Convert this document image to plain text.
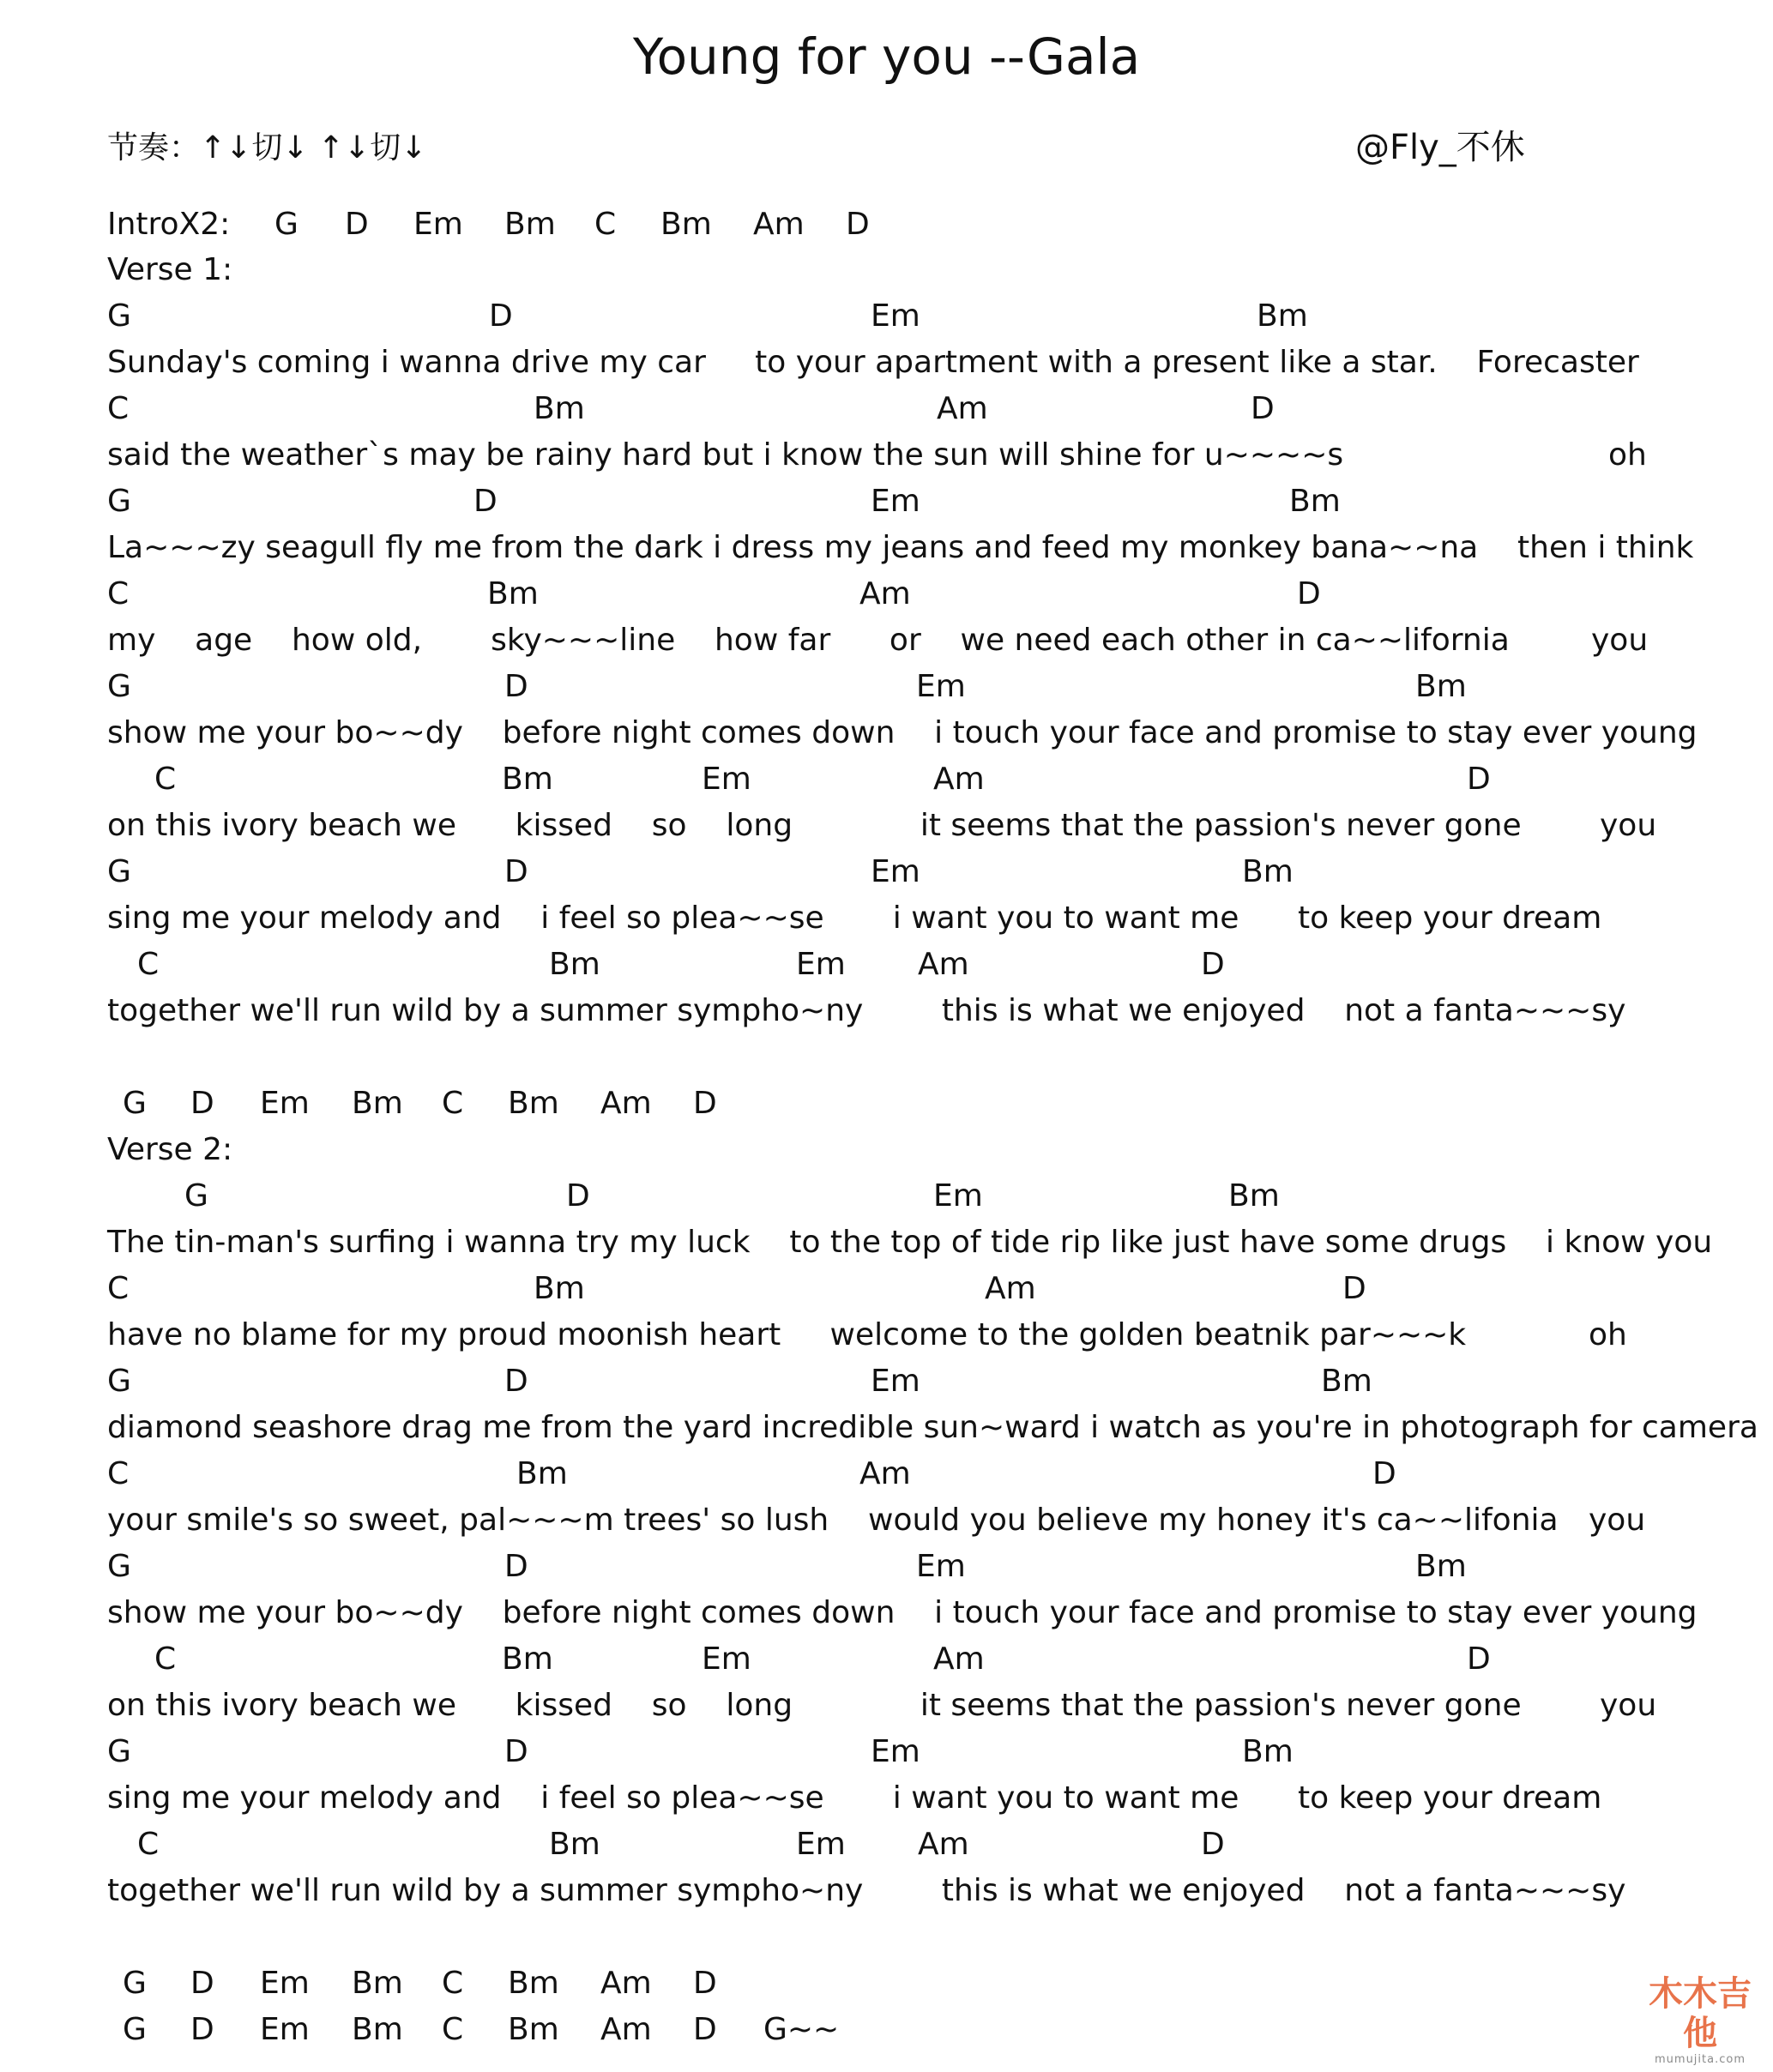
Young for you --Gala
节奏：↑↓切↓ ↑↓切↓	@Fly_不休
IntroX2: G D Em Bm C Bm Am D
Verse 1:
G	D	Em	Bm
Sunday's coming i wanna drive my car     to your apartment with a present like a star.    Forecaster
C	Bm	Am	D
said the weather`s may be rainy hard but i know the sun will shine for u~~~~s	oh
G	D	Em	Bm
La~~~zy seagull fly me from the dark i dress my jeans and feed my monkey bana~~na    then i think
C	Bm	Am	D
my    age    how old,       sky~~~line    how far      or    we need each other in ca~~lifornia	you
G	D	Em	Bm
show me your bo~~dy    before night comes down    i touch your face and promise to stay ever young
C	Bm	Em	Am	D
on this ivory beach we      kissed    so    long             it seems that the passion's never gone	you
G	D	Em	Bm
sing me your melody and    i feel so plea~~se       i want you to want me      to keep your dream
C	Bm	Em Am	D
together we'll run wild by a summer sympho~ny        this is what we enjoyed    not a fanta~~~sy
G D Em Bm C Bm Am D
Verse 2:
G	D	Em	Bm
The tin-man's surfing i wanna try my luck    to the top of tide rip like just have some drugs    i know you
C	Bm	Am	D
have no blame for my proud moonish heart     welcome to the golden beatnik par~~~k	oh
G	D	Em	Bm
diamond seashore drag me from the yard incredible sun~ward i watch as you're in photograph for camera
C	Bm	Am	D
your smile's so sweet, pal~~~m trees' so lush    would you believe my honey it's ca~~lifonia you
G	D	Em	Bm
show me your bo~~dy    before night comes down    i touch your face and promise to stay ever young
C	Bm	Em	Am	D
on this ivory beach we      kissed    so    long             it seems that the passion's never gone	you
G	D	Em	Bm
sing me your melody and    i feel so plea~~se       i want you to want me      to keep your dream
C	Bm	Em Am	D
together we'll run wild by a summer sympho~ny        this is what we enjoyed    not a fanta~~~sy
G D Em Bm C Bm Am D
G D Em Bm C Bm Am D G~~
木木吉他
mumujita.com
